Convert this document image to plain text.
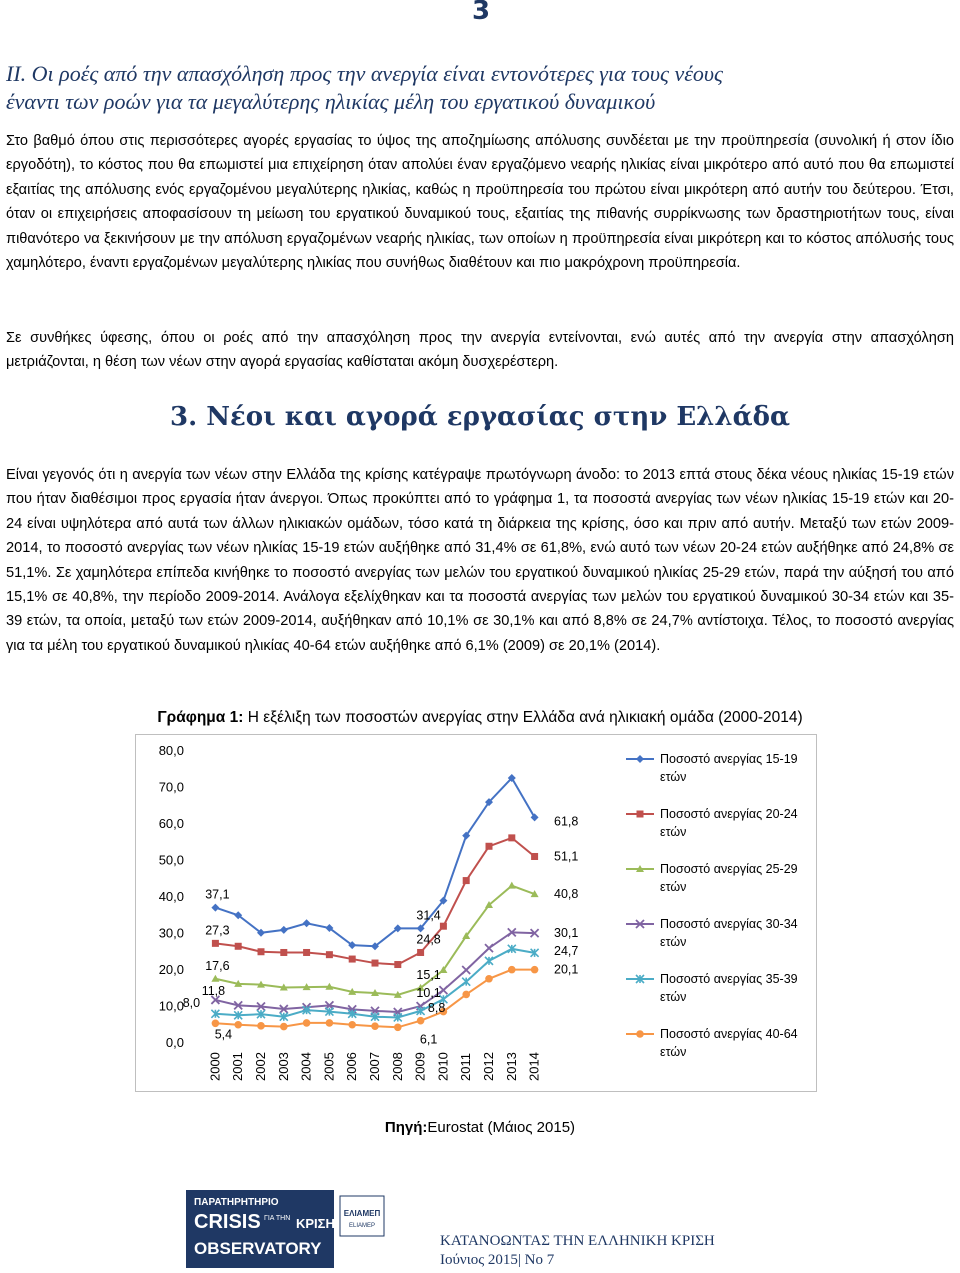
3
ΙΙ. Οι ροές από την απασχόληση προς την ανεργία είναι εντονότερες για τους νέους
έναντι των ροών για τα μεγαλύτερης ηλικίας μέλη του εργατικού δυναμικού
Στο βαθμό όπου στις περισσότερες αγορές εργασίας το ύψος της αποζημίωσης απόλυσης συνδέεται με την προϋπηρεσία (συνολική ή στον ίδιο εργοδότη), το κόστος που θα επωμιστεί μια επιχείρηση όταν απολύει έναν εργαζόμενο νεαρής ηλικίας είναι μικρότερο από αυτό που θα επωμιστεί εξαιτίας της απόλυσης ενός εργαζομένου μεγαλύτερης ηλικίας, καθώς η προϋπηρεσία του πρώτου είναι μικρότερη από αυτήν του δεύτερου. Έτσι, όταν οι επιχειρήσεις αποφασίσουν τη μείωση του εργατικού δυναμικού τους, εξαιτίας της πιθανής συρρίκνωσης των δραστηριοτήτων τους, είναι πιθανότερο να ξεκινήσουν με την απόλυση εργαζομένων νεαρής ηλικίας, των οποίων η προϋπηρεσία είναι μικρότερη και το κόστος απόλυσής τους χαμηλότερο, έναντι εργαζομένων μεγαλύτερης ηλικίας που συνήθως διαθέτουν και πιο μακρόχρονη προϋπηρεσία.
Σε συνθήκες ύφεσης, όπου οι ροές από την απασχόληση προς την ανεργία εντείνονται, ενώ αυτές από την ανεργία στην απασχόληση μετριάζονται, η θέση των νέων στην αγορά εργασίας καθίσταται ακόμη δυσχερέστερη.
3. Νέοι και αγορά εργασίας στην Ελλάδα
Είναι γεγονός ότι η ανεργία των νέων στην Ελλάδα της κρίσης κατέγραψε πρωτόγνωρη άνοδο: το 2013 επτά στους δέκα νέους ηλικίας 15-19 ετών που ήταν διαθέσιμοι προς εργασία ήταν άνεργοι. Όπως προκύπτει από το γράφημα 1, τα ποσοστά ανεργίας των νέων ηλικίας 15-19 ετών και 20-24 είναι υψηλότερα από αυτά των άλλων ηλικιακών ομάδων, τόσο κατά τη διάρκεια της κρίσης, όσο και πριν από αυτήν. Μεταξύ των ετών 2009-2014, το ποσοστό ανεργίας των νέων ηλικίας 15-19 ετών αυξήθηκε από 31,4% σε 61,8%, ενώ αυτό των νέων 20-24 ετών αυξήθηκε από 24,8% σε 51,1%. Σε χαμηλότερα επίπεδα κινήθηκε το ποσοστό ανεργίας των μελών του εργατικού δυναμικού ηλικίας 25-29 ετών, παρά την αύξησή του από 15,1% σε 40,8%, την περίοδο 2009-2014. Ανάλογα εξελίχθηκαν και τα ποσοστά ανεργίας των μελών του εργατικού δυναμικού 30-34 ετών και 35-39 ετών, τα οποία, μεταξύ των ετών 2009-2014, αυξήθηκαν από 10,1% σε 30,1% και από 8,8% σε 24,7% αντίστοιχα. Τέλος, το ποσοστό ανεργίας για τα μέλη του εργατικού δυναμικού ηλικίας 40-64 ετών αυξήθηκε από 6,1% (2009) σε 20,1% (2014).
Γράφημα 1: Η εξέλιξη των ποσοστών ανεργίας στην Ελλάδα ανά ηλικιακή ομάδα (2000-2014)
0,0
10,0
20,0
30,0
40,0
50,0
60,0
70,0
80,0
2000 2001 2002 2003 2004 2005 2006 2007 2008 2009 2010 2011 2012 2013 2014
37,1
31,4
61,8
27,3
24,8
51,1
17,6
15,1
40,8
11,8	10,1
30,1
8,0	8,8
24,7
5,4	6,1
20,1
Ποσοστό ανεργίας 15-19
ετών
Ποσοστό ανεργίας 20-24
ετών
Ποσοστό ανεργίας 25-29
ετών
Ποσοστό ανεργίας 30-34
ετών
Ποσοστό ανεργίας 35-39
ετών
Ποσοστό ανεργίας 40-64
ετών
Πηγή:Eurostat (Μάιος 2015)
ΠΑΡΑΤΗΡΗΤΗΡΙΟ
CRISIS ΓΙΑ ΤΗΝ ΚΡΙΣΗ
OBSERVATORY
ΕΛΙΑΜΕΠ
ELIAMEP
ΚΑΤΑΝΟΩΝΤΑΣ ΤΗΝ ΕΛΛΗΝΙΚΗ ΚΡΙΣΗ
Ιούνιος 2015| Νο 7
